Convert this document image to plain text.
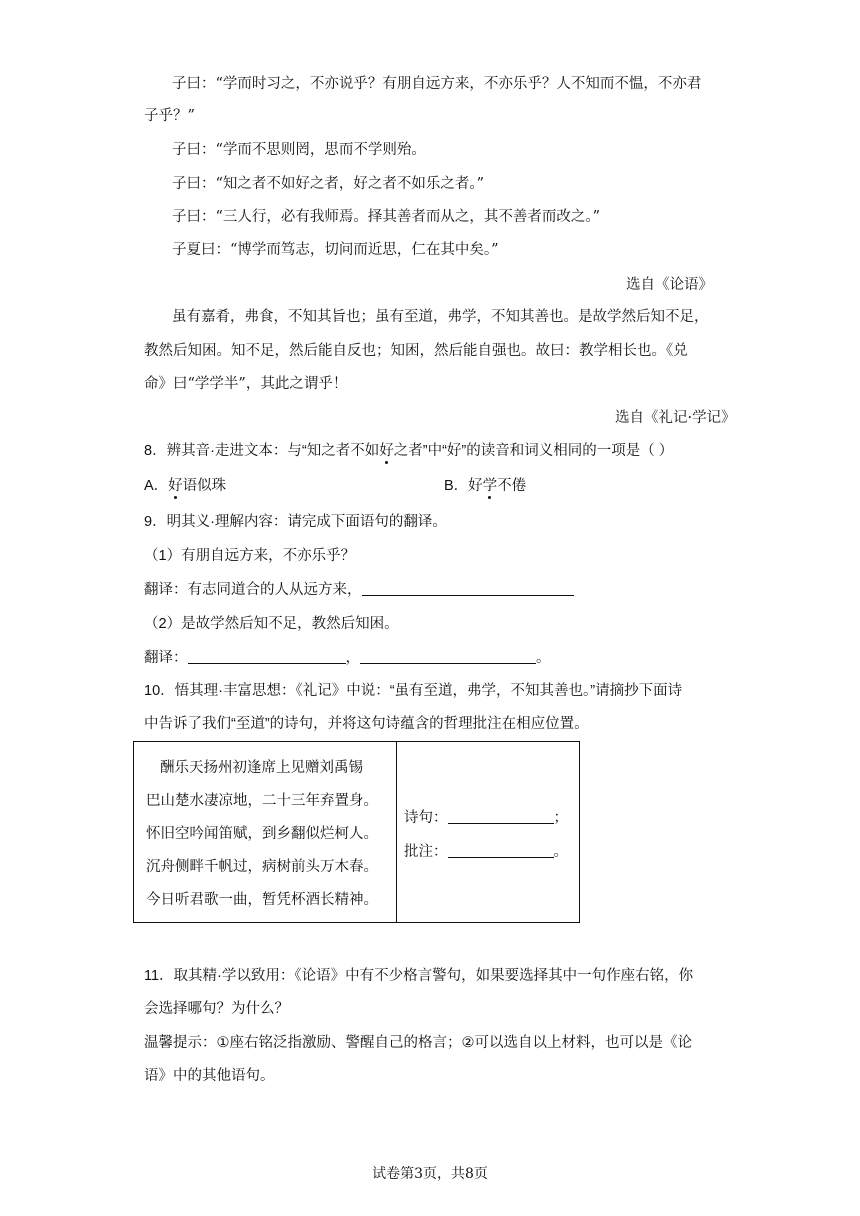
子曰：“学而时习之，不亦说乎？有朋自远方来，不亦乐乎？人不知而不愠，不亦君
子乎？”
子曰：“学而不思则罔，思而不学则殆。
子曰：“知之者不如好之者，好之者不如乐之者。”
子曰：“三人行，必有我师焉。择其善者而从之，其不善者而改之。”
子夏曰：“博学而笃志，切问而近思，仁在其中矣。”
选自《论语》
虽有嘉肴，弗食，不知其旨也；虽有至道，弗学，不知其善也。是故学然后知不足，
教然后知困。知不足，然后能自反也；知困，然后能自强也。故曰：教学相长也。《兑
命》曰“学学半”，其此之谓乎！
选自《礼记·学记》
8．辨其音·走进文本：与“知之者不如好之者”中“好”的读音和词义相同的一项是（ ）
A．好语似珠	B．好学不倦
9．明其义·理解内容：请完成下面语句的翻译。
（1）有朋自远方来，不亦乐乎？
翻译：有志同道合的人从远方来，
（2）是故学然后知不足，教然后知困。
翻译：	，	。
10．悟其理·丰富思想：《礼记》中说：“虽有至道，弗学，不知其善也。”请摘抄下面诗
中告诉了我们“至道”的诗句，并将这句诗蕴含的哲理批注在相应位置。

酬乐天扬州初逢席上见赠刘禹锡
巴山楚水凄凉地，二十三年弃置身。
怀旧空吟闻笛赋，到乡翻似烂柯人。
沉舟侧畔千帆过，病树前头万木春。
今日听君歌一曲，暂凭杯酒长精神。
诗句：	；
批注：	。
11．取其精·学以致用：《论语》中有不少格言警句，如果要选择其中一句作座右铭，你
会选择哪句？为什么？
温馨提示：①座右铭泛指激励、警醒自己的格言；②可以选自以上材料，也可以是《论
语》中的其他语句。
试卷第3页，共8页
